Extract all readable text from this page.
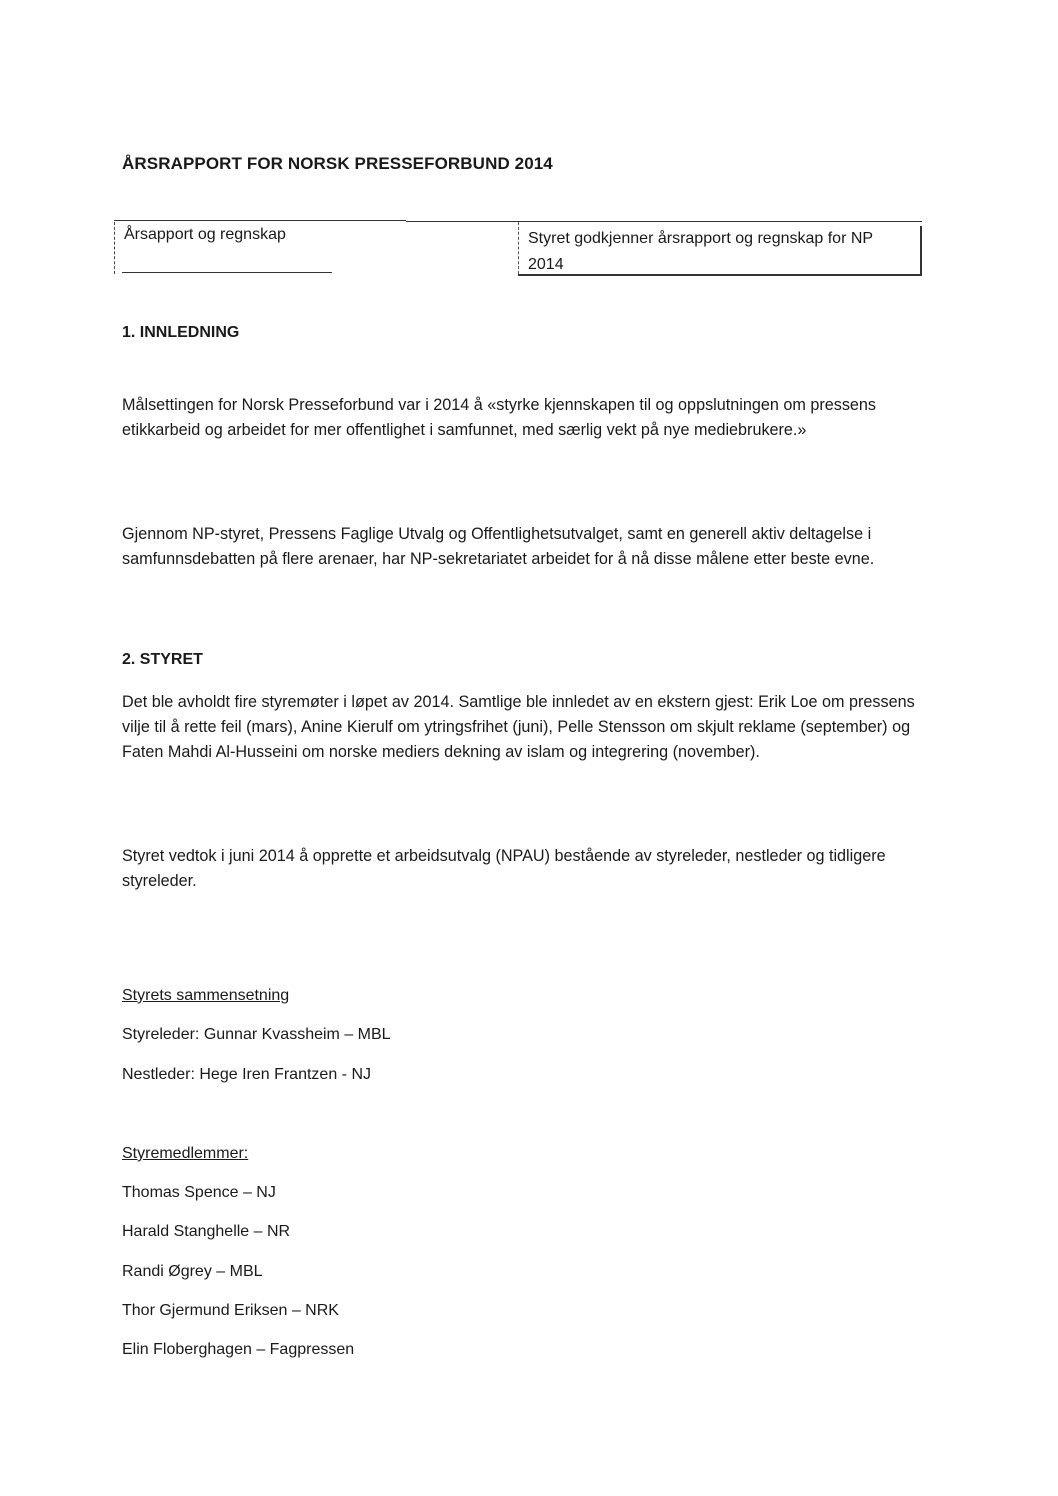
ÅRSRAPPORT FOR NORSK PRESSEFORBUND 2014
Årsapport og regnskap	Styret godkjenner årsrapport og regnskap for NP 2014
1. INNLEDNING

Målsettingen for Norsk Presseforbund var i 2014 å «styrke kjennskapen til og oppslutningen om pressens etikkarbeid og arbeidet for mer offentlighet i samfunnet, med særlig vekt på nye mediebrukere.»

Gjennom NP-styret, Pressens Faglige Utvalg og Offentlighetsutvalget, samt en generell aktiv deltagelse i samfunnsdebatten på flere arenaer, har NP-sekretariatet arbeidet for å nå disse målene etter beste evne.

2. STYRET

Det ble avholdt fire styremøter i løpet av 2014. Samtlige ble innledet av en ekstern gjest: Erik Loe om pressens vilje til å rette feil (mars), Anine Kierulf om ytringsfrihet (juni), Pelle Stensson om skjult reklame (september) og Faten Mahdi Al-Husseini om norske mediers dekning av islam og integrering (november).

Styret vedtok i juni 2014 å opprette et arbeidsutvalg (NPAU) bestående av styreleder, nestleder og tidligere styreleder.

Styrets sammensetning
Styreleder: Gunnar Kvassheim – MBL
Nestleder: Hege Iren Frantzen - NJ
Styremedlemmer:
Thomas Spence – NJ
Harald Stanghelle – NR
Randi Øgrey – MBL
Thor Gjermund Eriksen – NRK
Elin Floberghagen – Fagpressen
